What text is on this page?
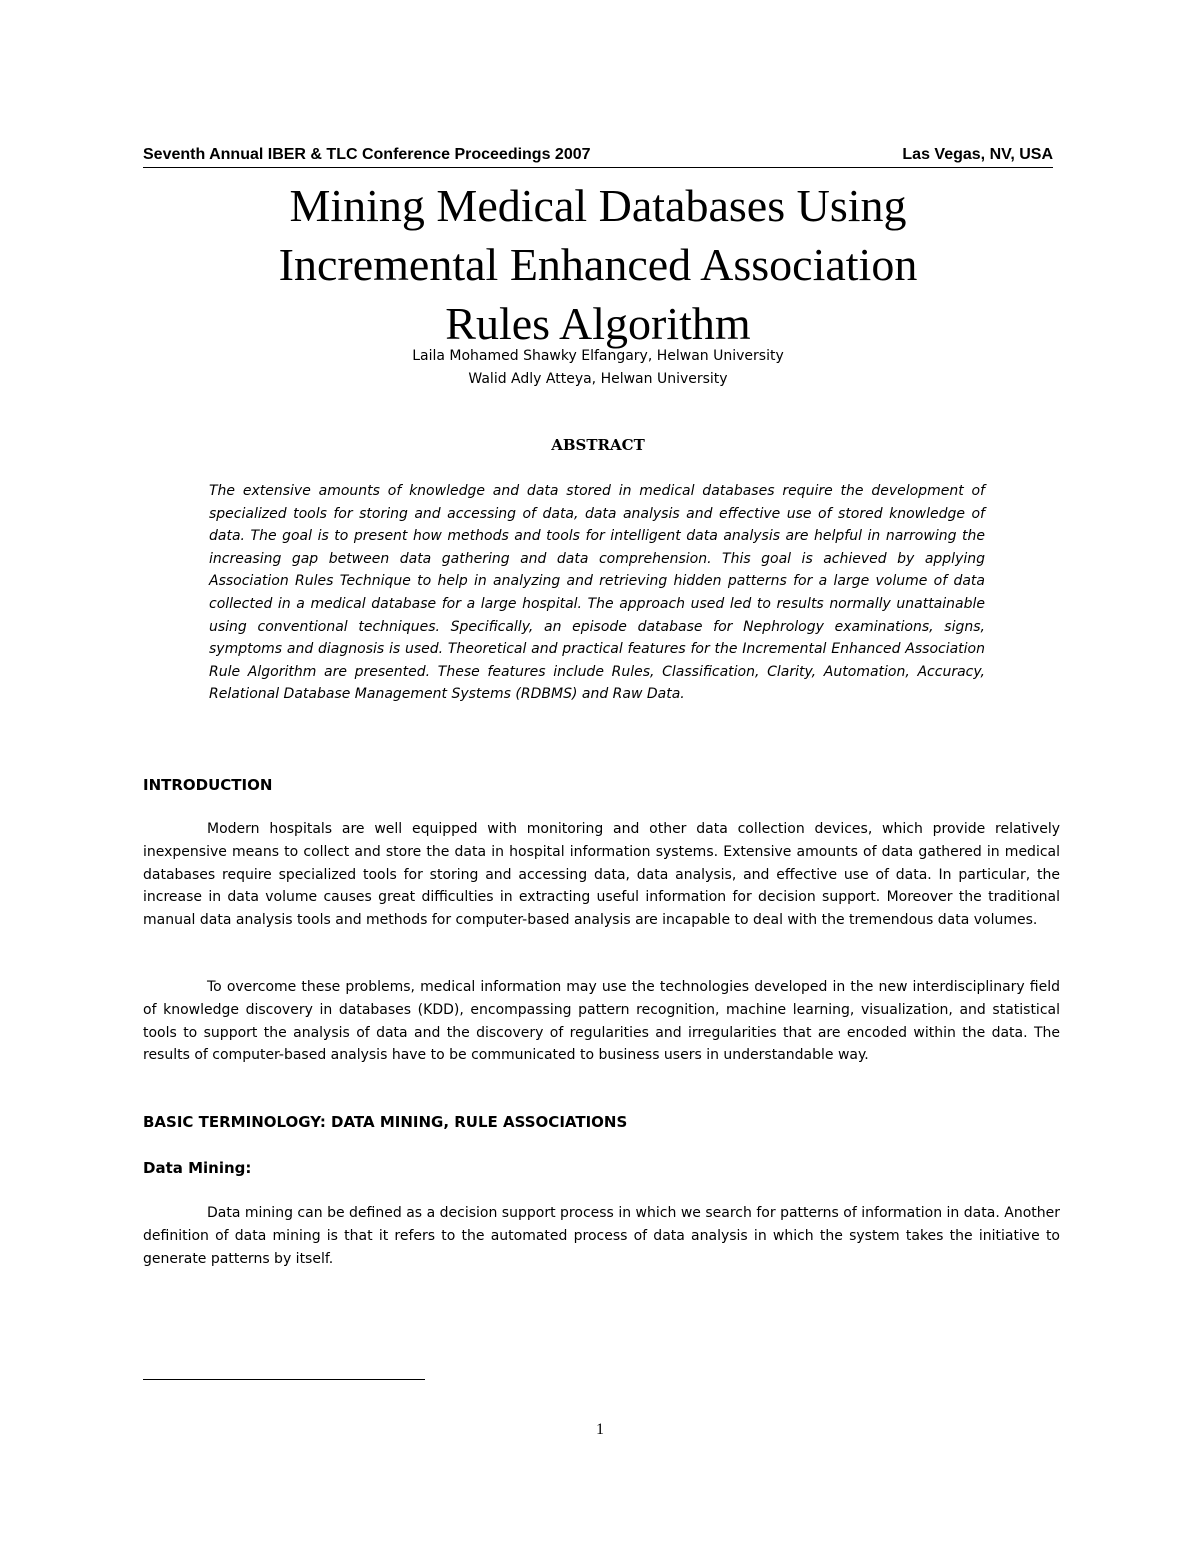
Seventh Annual IBER & TLC Conference Proceedings 2007	Las Vegas, NV, USA
Mining Medical Databases Using
Incremental Enhanced Association
Rules Algorithm
Laila Mohamed Shawky Elfangary, Helwan University
Walid Adly Atteya, Helwan University
ABSTRACT

The extensive amounts of knowledge and data stored in medical databases require the development of specialized tools for storing and accessing of data, data analysis and effective use of stored knowledge of data. The goal is to present how methods and tools for intelligent data analysis are helpful in narrowing the increasing gap between data gathering and data comprehension. This goal is achieved by applying Association Rules Technique to help in analyzing and retrieving hidden patterns for a large volume of data collected in a medical database for a large hospital. The approach used led to results normally unattainable using conventional techniques. Specifically, an episode database for Nephrology examinations, signs, symptoms and diagnosis is used. Theoretical and practical features for the Incremental Enhanced Association Rule Algorithm are presented. These features include Rules, Classification, Clarity, Automation, Accuracy, Relational Database Management Systems (RDBMS) and Raw Data.

INTRODUCTION

Modern hospitals are well equipped with monitoring and other data collection devices, which provide relatively inexpensive means to collect and store the data in hospital information systems. Extensive amounts of data gathered in medical databases require specialized tools for storing and accessing data, data analysis, and effective use of data. In particular, the increase in data volume causes great difficulties in extracting useful information for decision support. Moreover the traditional manual data analysis tools and methods for computer-based analysis are incapable to deal with the tremendous data volumes.

To overcome these problems, medical information may use the technologies developed in the new interdisciplinary field of knowledge discovery in databases (KDD), encompassing pattern recognition, machine learning, visualization, and statistical tools to support the analysis of data and the discovery of regularities and irregularities that are encoded within the data. The results of computer-based analysis have to be communicated to business users in understandable way.

BASIC TERMINOLOGY: DATA MINING, RULE ASSOCIATIONS
Data Mining:

Data mining can be defined as a decision support process in which we search for patterns of information in data. Another definition of data mining is that it refers to the automated process of data analysis in which the system takes the initiative to generate patterns by itself.

1
